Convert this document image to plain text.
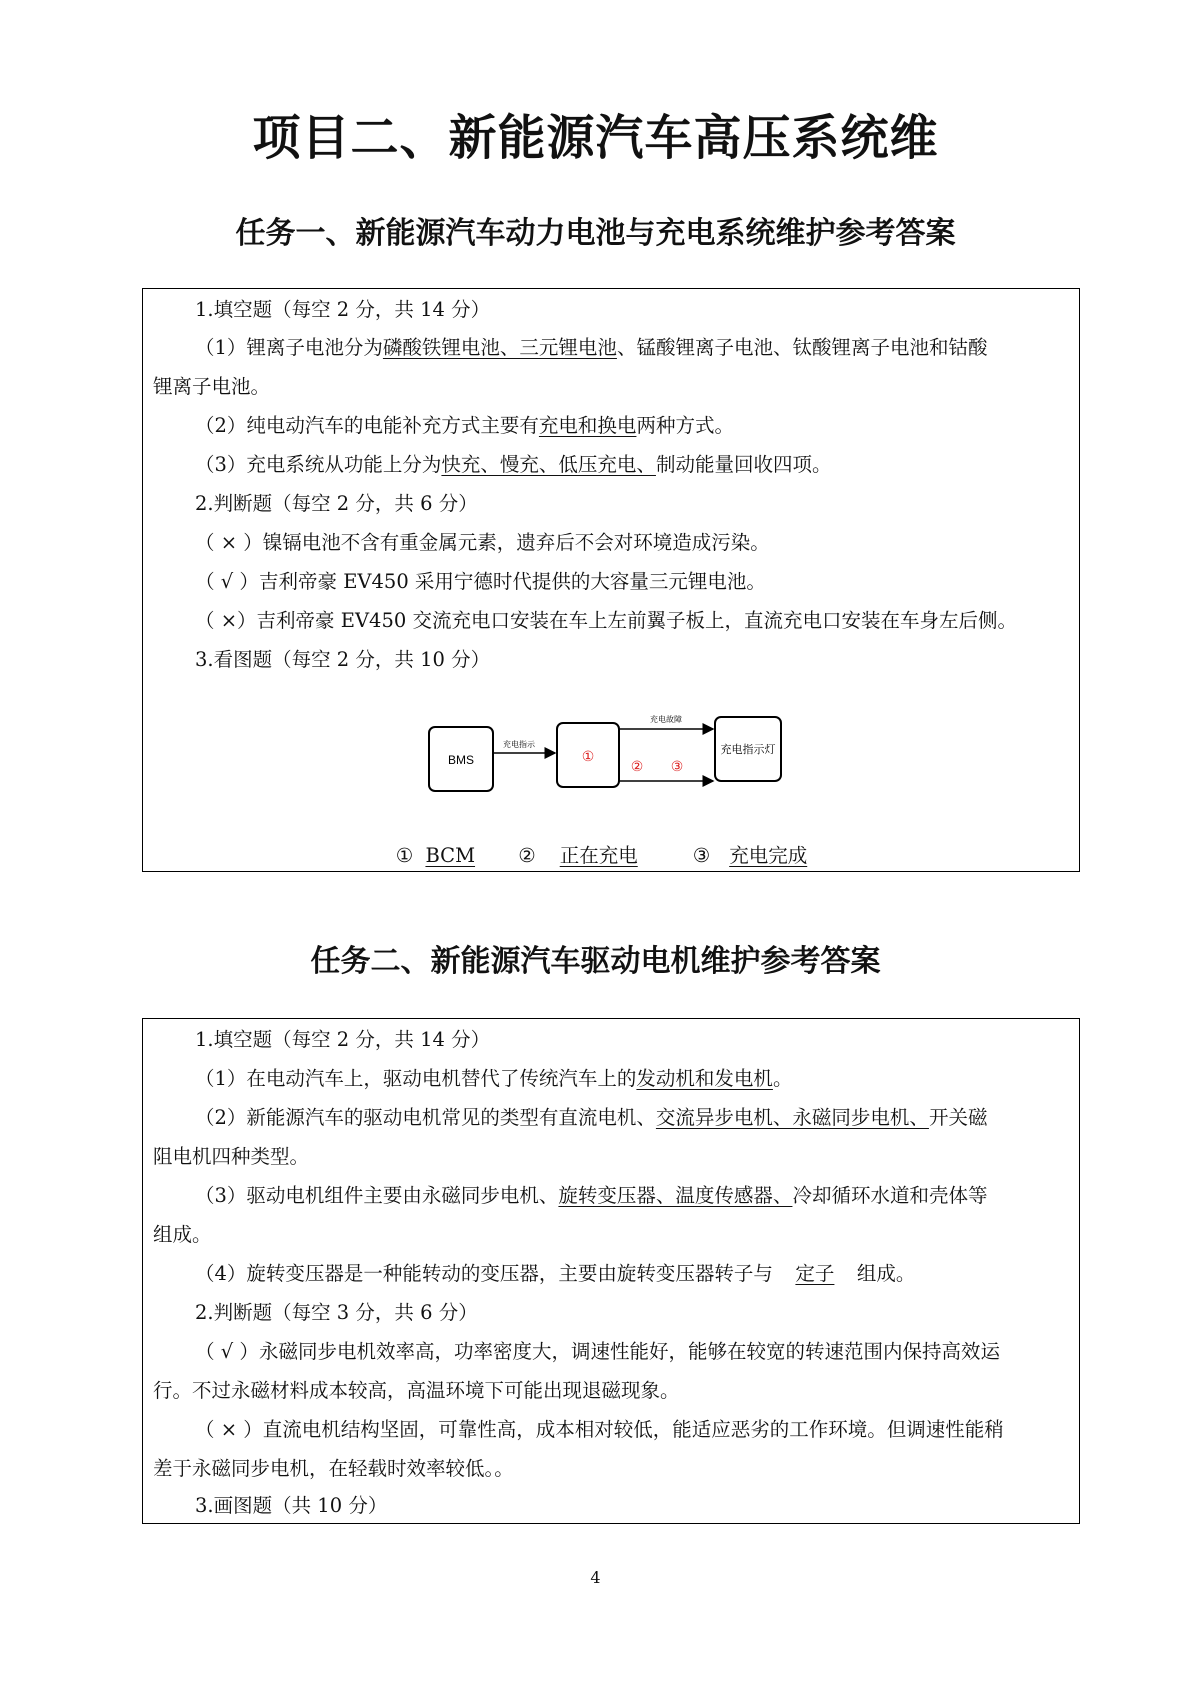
项目二、新能源汽车高压系统维
任务一、新能源汽车动力电池与充电系统维护参考答案
1.填空题（每空 2 分，共 14 分）
（1）锂离子电池分为磷酸铁锂电池、三元锂电池、锰酸锂离子电池、钛酸锂离子电池和钴酸
锂离子电池。
（2）纯电动汽车的电能补充方式主要有充电和换电两种方式。
（3）充电系统从功能上分为快充、慢充、低压充电、制动能量回收四项。
2.判断题（每空 2 分，共 6 分）
（ × ）镍镉电池不含有重金属元素，遗弃后不会对环境造成污染。
（ √ ）吉利帝豪 EV450 采用宁德时代提供的大容量三元锂电池。
（ ×）吉利帝豪 EV450 交流充电口安装在车上左前翼子板上，直流充电口安装在车身左后侧。
3.看图题（每空 2 分，共 10 分）
BMS
充电指示
①
充电故障
② ③
充电指示灯
① BCM ② 正在充电	③ 充电完成
任务二、新能源汽车驱动电机维护参考答案
1.填空题（每空 2 分，共 14 分）
（1）在电动汽车上，驱动电机替代了传统汽车上的发动机和发电机。
（2）新能源汽车的驱动电机常见的类型有直流电机、交流异步电机、永磁同步电机、开关磁
阻电机四种类型。
（3）驱动电机组件主要由永磁同步电机、旋转变压器、温度传感器、冷却循环水道和壳体等
组成。
（4）旋转变压器是一种能转动的变压器，主要由旋转变压器转子与 定子 组成。
2.判断题（每空 3 分，共 6 分）
（ √ ）永磁同步电机效率高，功率密度大，调速性能好，能够在较宽的转速范围内保持高效运
行。不过永磁材料成本较高，高温环境下可能出现退磁现象。
（ × ）直流电机结构坚固，可靠性高，成本相对较低，能适应恶劣的工作环境。但调速性能稍
差于永磁同步电机，在轻载时效率较低。。
3.画图题（共 10 分）
4
